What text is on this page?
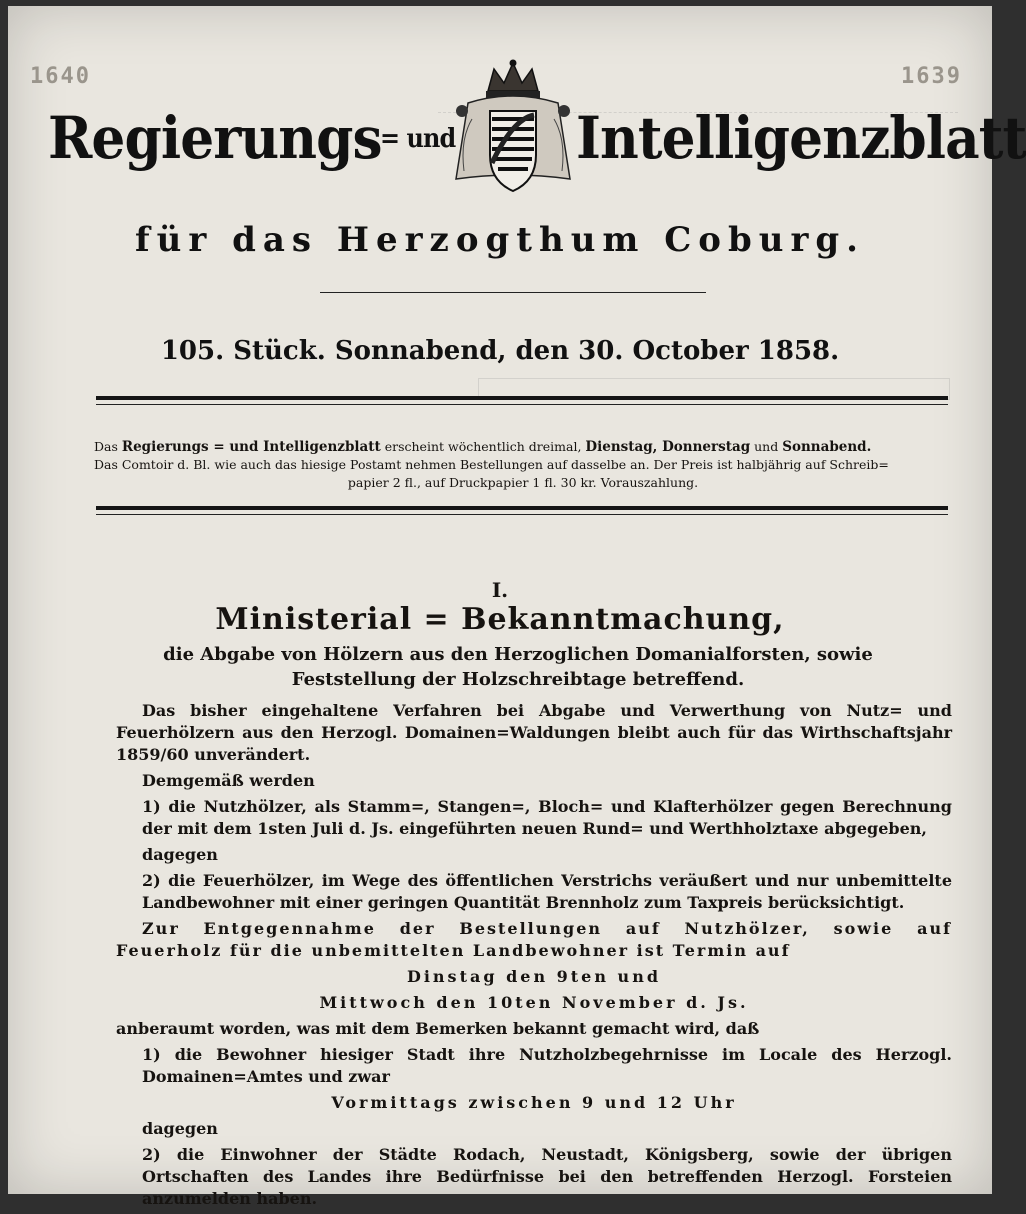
1640	1639
Regierungs
= und Intelligenzblatt
für das Herzogthum Coburg.
105. Stück. Sonnabend, den 30. October 1858.
Das Regierungs = und Intelligenzblatt erscheint wöchentlich dreimal, Dienstag, Donnerstag und Sonnabend.
Das Comtoir d. Bl. wie auch das hiesige Postamt nehmen Bestellungen auf dasselbe an. Der Preis ist halbjährig auf Schreib=
papier 2 fl., auf Druckpapier 1 fl. 30 kr. Vorauszahlung.
I.
Ministerial = Bekanntmachung,
die Abgabe von Hölzern aus den Herzoglichen Domanialforsten, sowie Feststellung der Holzschreibtage betreffend.

Das bisher eingehaltene Verfahren bei Abgabe und Verwerthung von Nutz= und Feuerhölzern aus den Herzogl. Domainen=Waldungen bleibt auch für das Wirthschaftsjahr 1859/60 unverändert.

Demgemäß werden

1) die Nutzhölzer, als Stamm=, Stangen=, Bloch= und Klafterhölzer gegen Berechnung der mit dem 1sten Juli d. Js. eingeführten neuen Rund= und Werthholztaxe abgegeben,

dagegen

2) die Feuerhölzer, im Wege des öffentlichen Verstrichs veräußert und nur unbemittelte Landbewohner mit einer geringen Quantität Brennholz zum Taxpreis berücksichtigt.

Zur Entgegennahme der Bestellungen auf Nutzhölzer, sowie auf Feuerholz für die unbemittelten Landbewohner ist Termin auf

Dinstag den 9ten und

Mittwoch den 10ten November d. Js.

anberaumt worden, was mit dem Bemerken bekannt gemacht wird, daß

1) die Bewohner hiesiger Stadt ihre Nutzholzbegehrnisse im Locale des Herzogl. Domainen=Amtes und zwar

Vormittags zwischen 9 und 12 Uhr

dagegen

2) die Einwohner der Städte Rodach, Neustadt, Königsberg, sowie der übrigen Ortschaften des Landes ihre Bedürfnisse bei den betreffenden Herzogl. Forsteien anzumelden haben.
